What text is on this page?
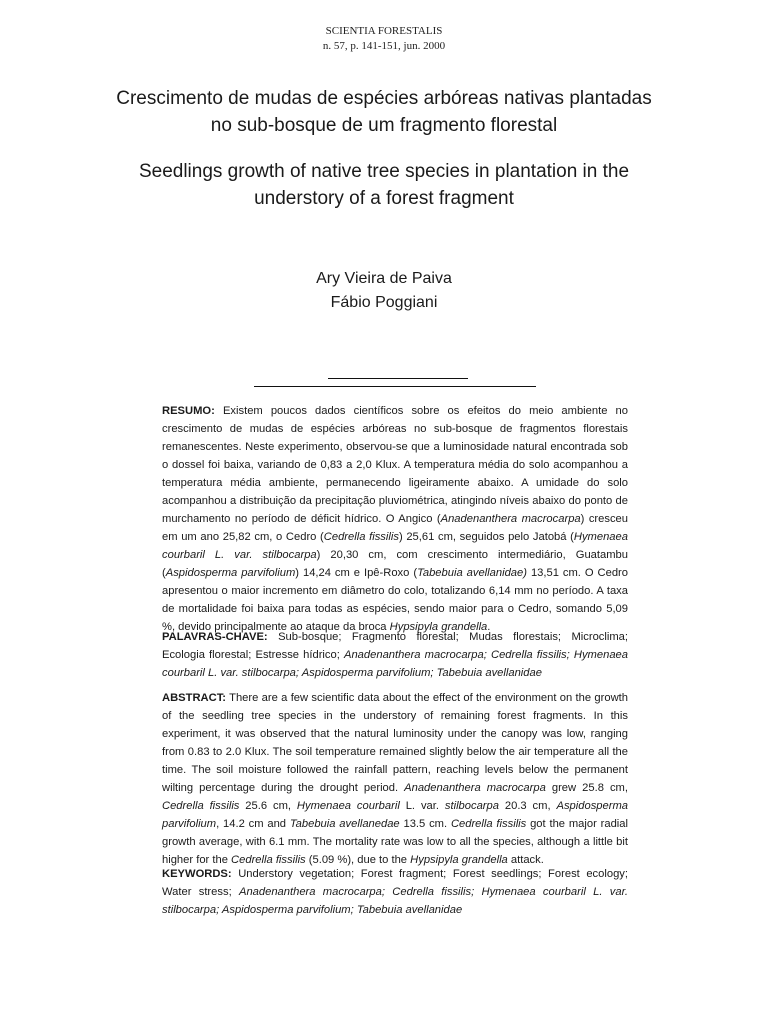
SCIENTIA FORESTALIS
n. 57, p. 141-151, jun. 2000
Crescimento de mudas de espécies arbóreas nativas plantadas
no sub-bosque de um fragmento florestal
Seedlings growth of native tree species in plantation in the
understory of a forest fragment
Ary Vieira de Paiva
Fábio Poggiani

RESUMO: Existem poucos dados científicos sobre os efeitos do meio ambiente no crescimento de mudas de espécies arbóreas no sub-bosque de fragmentos florestais remanescentes. Neste experimento, observou-se que a luminosidade natural encontrada sob o dossel foi baixa, variando de 0,83 a 2,0 Klux. A temperatura média do solo acompanhou a temperatura média ambiente, permanecendo ligeiramente abaixo. A umidade do solo acompanhou a distribuição da precipitação pluviométrica, atingindo níveis abaixo do ponto de murchamento no período de déficit hídrico. O Angico (Anadenanthera macrocarpa) cresceu em um ano 25,82 cm, o Cedro (Cedrella fissilis) 25,61 cm, seguidos pelo Jatobá (Hymenaea courbaril L. var. stilbocarpa) 20,30 cm, com crescimento intermediário, Guatambu (Aspidosperma parvifolium) 14,24 cm e Ipê-Roxo (Tabebuia avellanidae) 13,51 cm. O Cedro apresentou o maior incremento em diâmetro do colo, totalizando 6,14 mm no período. A taxa de mortalidade foi baixa para todas as espécies, sendo maior para o Cedro, somando 5,09 %, devido principalmente ao ataque da broca Hypsipyla grandella.

PALAVRAS-CHAVE: Sub-bosque; Fragmento florestal; Mudas florestais; Microclima; Ecologia florestal; Estresse hídrico; Anadenanthera macrocarpa; Cedrella fissilis; Hymenaea courbaril L. var. stilbocarpa; Aspidosperma parvifolium; Tabebuia avellanidae

ABSTRACT: There are a few scientific data about the effect of the environment on the growth of the seedling tree species in the understory of remaining forest fragments. In this experiment, it was observed that the natural luminosity under the canopy was low, ranging from 0.83 to 2.0 Klux. The soil temperature remained slightly below the air temperature all the time. The soil moisture followed the rainfall pattern, reaching levels below the permanent wilting percentage during the drought period. Anadenanthera macrocarpa grew 25.8 cm, Cedrella fissilis 25.6 cm, Hymenaea courbaril L. var. stilbocarpa 20.3 cm, Aspidosperma parvifolium, 14.2 cm and Tabebuia avellanedae 13.5 cm. Cedrella fissilis got the major radial growth average, with 6.1 mm. The mortality rate was low to all the species, although a little bit higher for the Cedrella fissilis (5.09 %), due to the Hypsipyla grandella attack.

KEYWORDS: Understory vegetation; Forest fragment; Forest seedlings; Forest ecology; Water stress; Anadenanthera macrocarpa; Cedrella fissilis; Hymenaea courbaril L. var. stilbocarpa; Aspidosperma parvifolium; Tabebuia avellanidae
